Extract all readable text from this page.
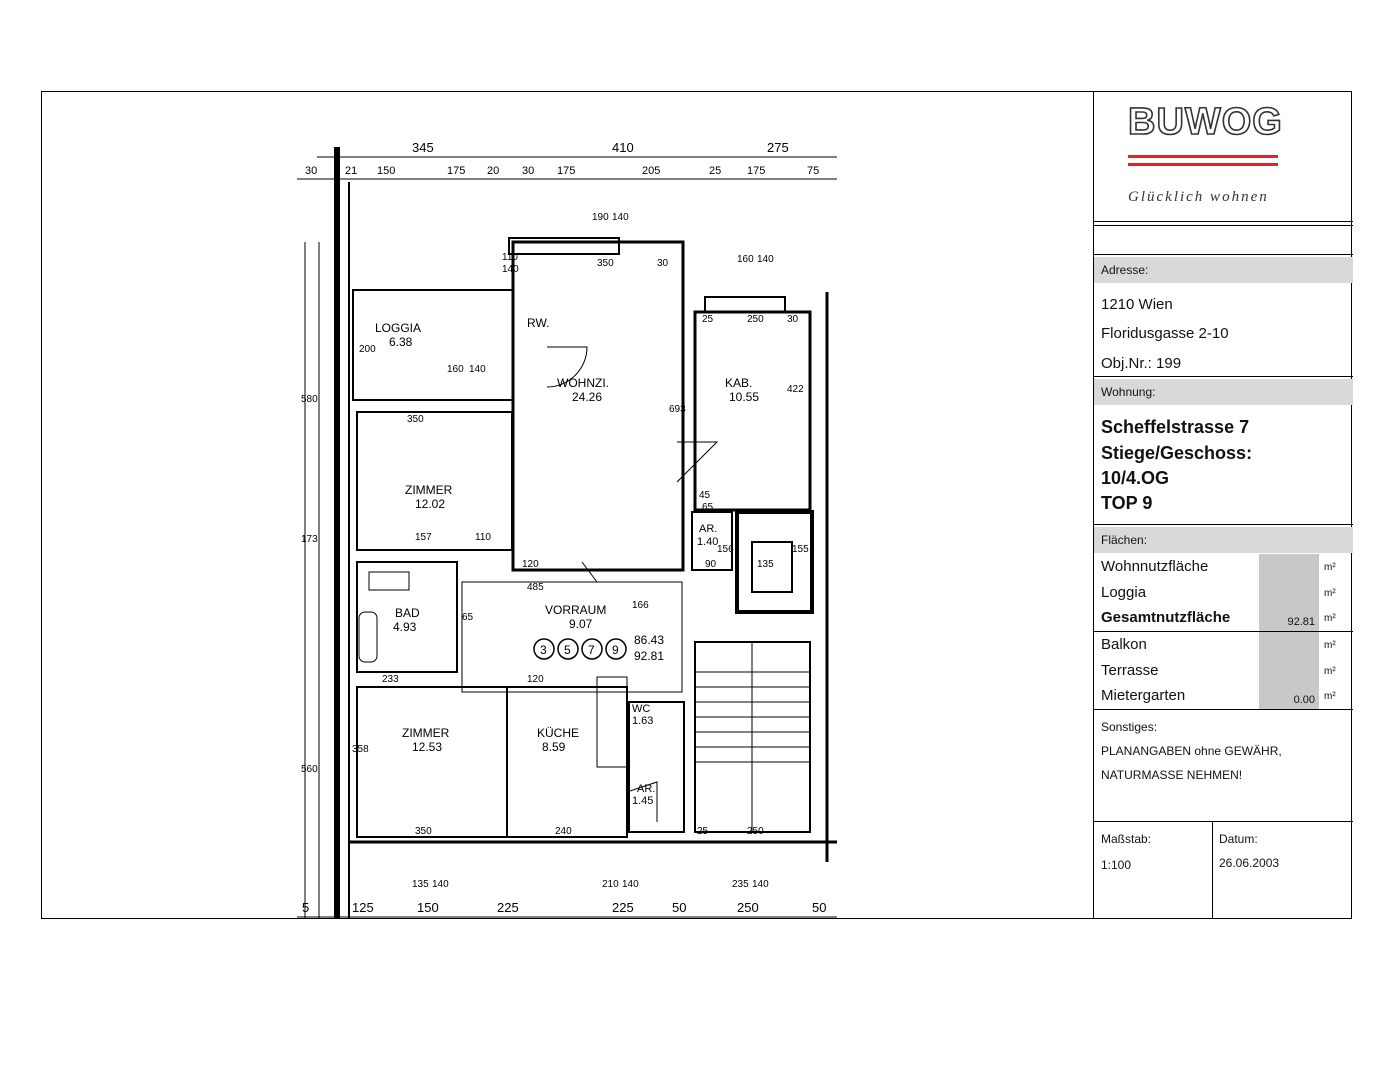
345	410	275
30	21 150	175 20 30 175	205	25 175	75
LOGGIA
6.38
RW.
WOHNZI.
24.26
KAB.
10.55
ZIMMER
12.02
AR.
1.40
BAD
4.93
VORRAUM
9.07
ZIMMER
12.53
KÜCHE
8.59
WC
1.63
AR.
1.45
3 5 7 9
86.43
92.81
5	125	150	225	225	50	250	50
190 140
110
140
350	30	160 140
25	250 30
200
160 140
693
422
350
45
65
156
157	110
120
485
166
90	135
155
233	120
65
358
350	240	25	250
135 140	210 140	235 140
173
580
560
BUWOG
Glücklich wohnen
Adresse:
1210 Wien
Floridusgasse 2-10
Obj.Nr.: 199
Wohnung:
Scheffelstrasse 7
Stiege/Geschoss:
10/4.OG
TOP 9
Flächen:
Wohnnutzfläche	m²
Loggia	m²
Gesamtnutzfläche	92.81 m²
Balkon	m²
Terrasse	m²
Mietergarten	0.00 m²
Sonstiges:
PLANANGABEN ohne GEWÄHR,
NATURMASSE NEHMEN!
Maßstab:
1:100
Datum:
26.06.2003
